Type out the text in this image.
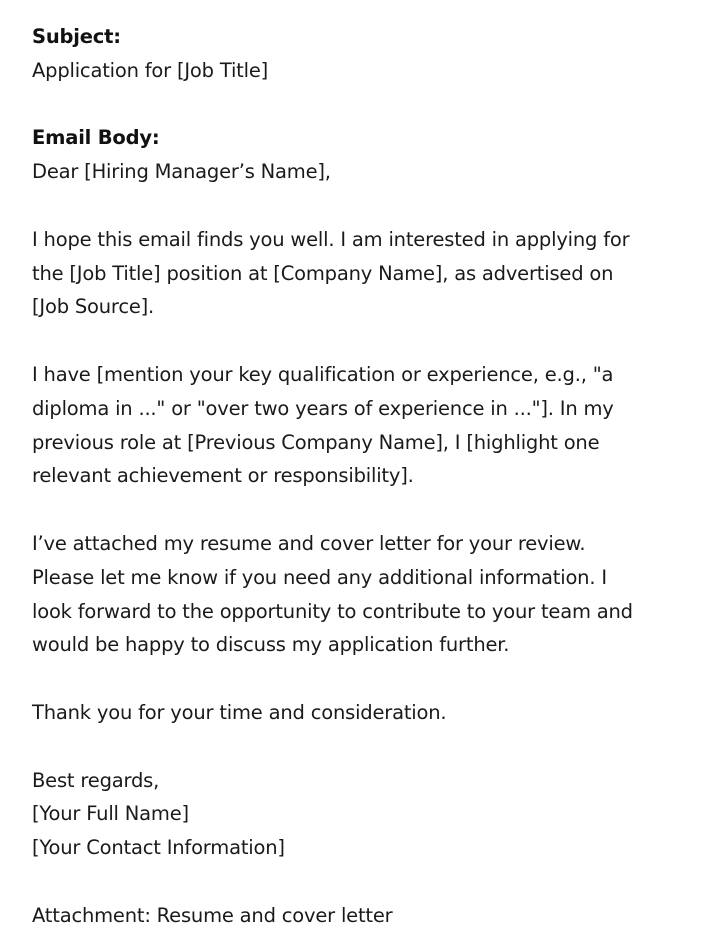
Subject:
Application for [Job Title]
Email Body:
Dear [Hiring Manager’s Name],
I hope this email finds you well. I am interested in applying for
the [Job Title] position at [Company Name], as advertised on
[Job Source].
I have [mention your key qualification or experience, e.g., "a
diploma in ..." or "over two years of experience in ..."]. In my
previous role at [Previous Company Name], I [highlight one
relevant achievement or responsibility].
I’ve attached my resume and cover letter for your review.
Please let me know if you need any additional information. I
look forward to the opportunity to contribute to your team and
would be happy to discuss my application further.
Thank you for your time and consideration.
Best regards,
[Your Full Name]
[Your Contact Information]
Attachment: Resume and cover letter
